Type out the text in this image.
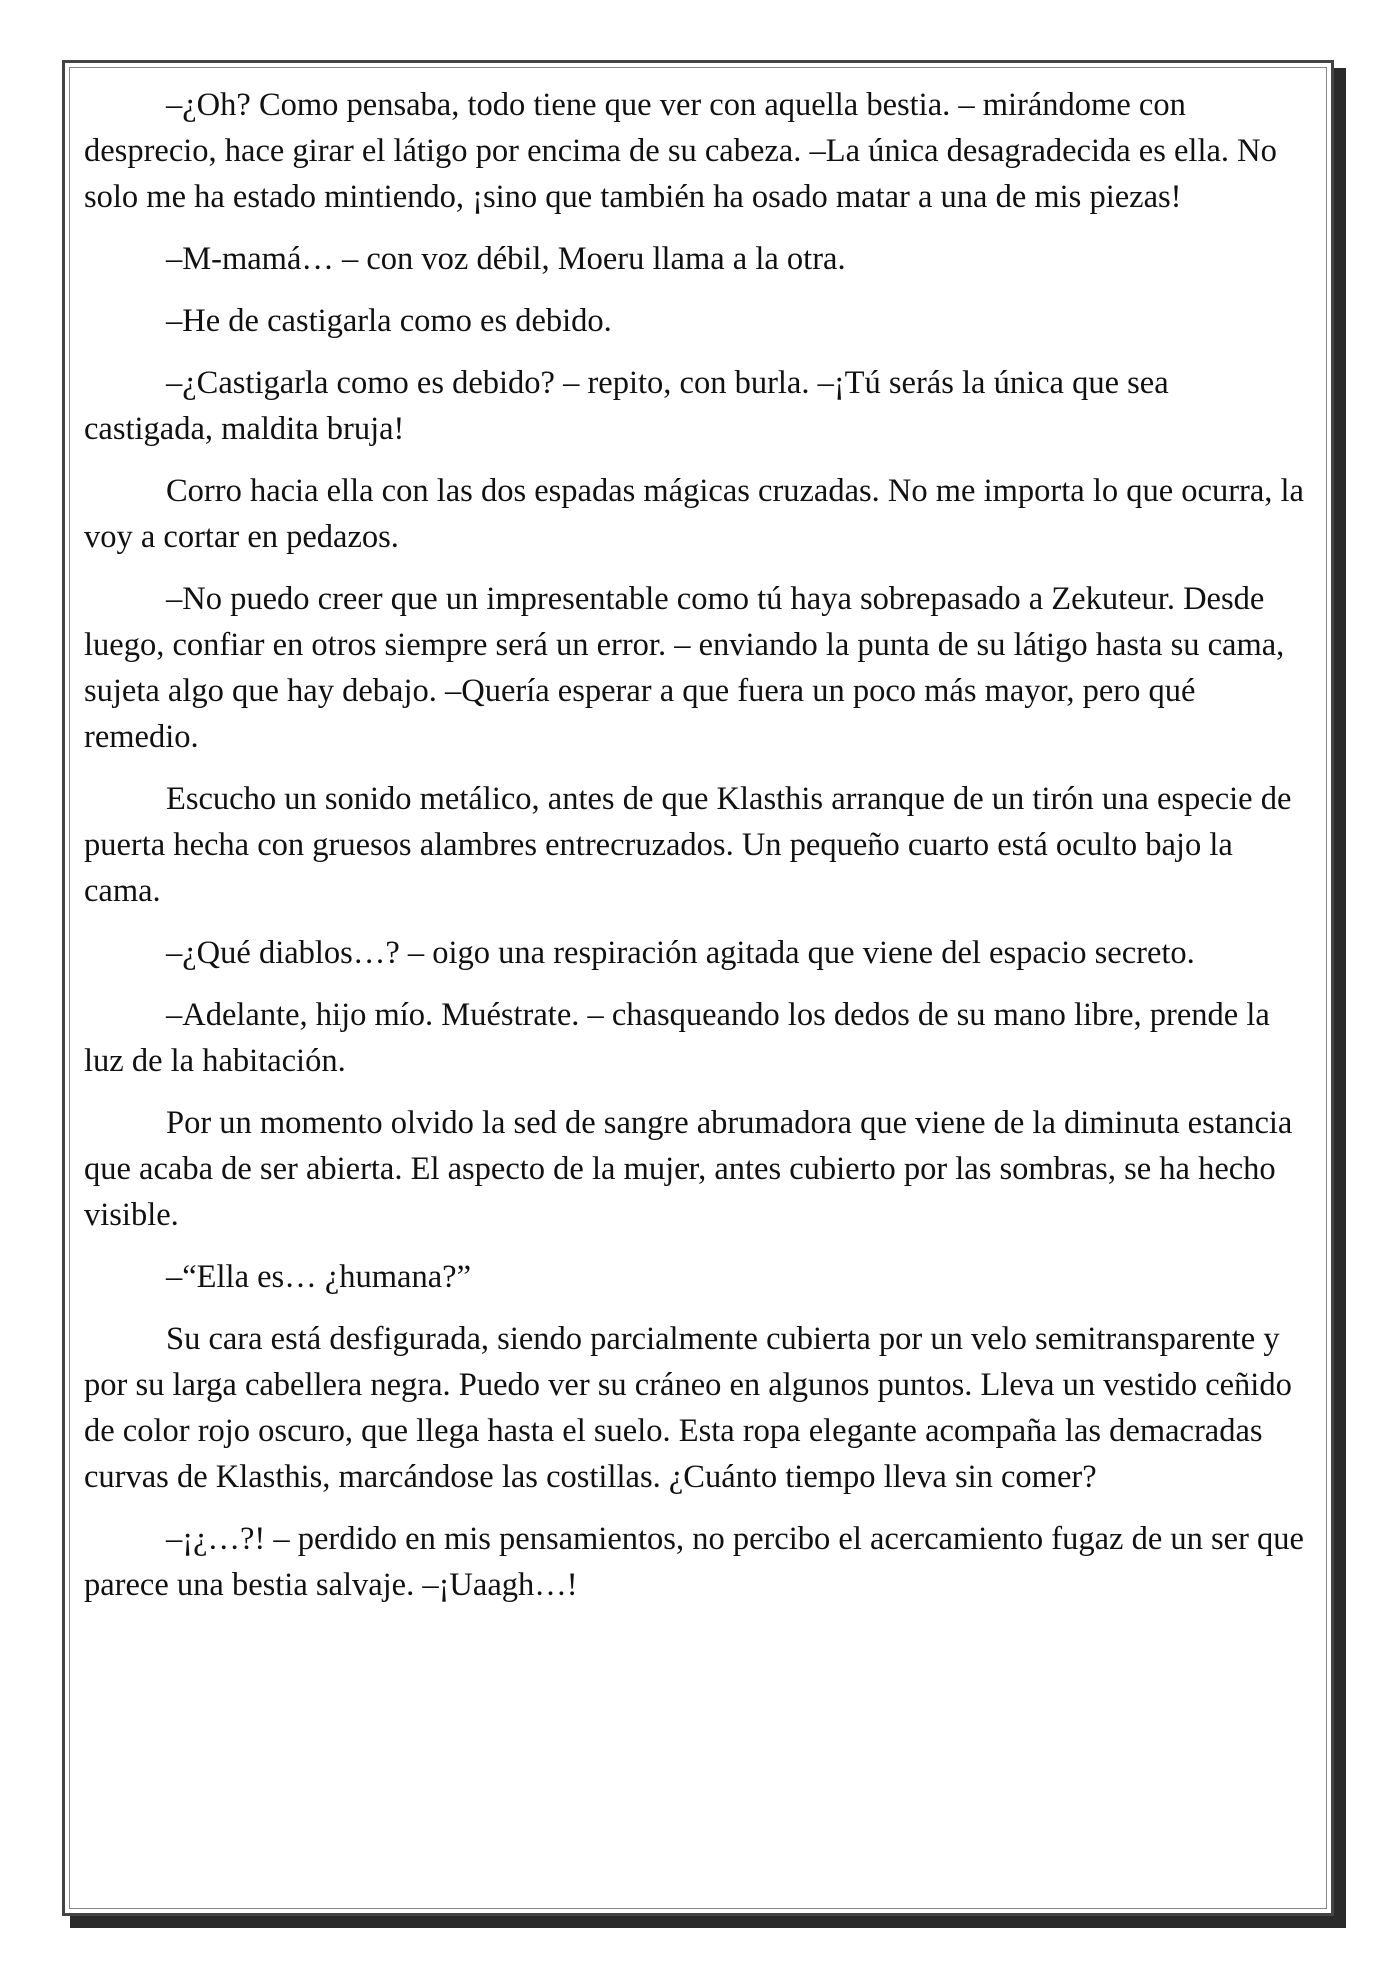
–¿Oh? Como pensaba, todo tiene que ver con aquella bestia. – mirándome con desprecio, hace girar el látigo por encima de su cabeza. –La única desagradecida es ella. No solo me ha estado mintiendo, ¡sino que también ha osado matar a una de mis piezas!

–M-mamá… – con voz débil, Moeru llama a la otra.

–He de castigarla como es debido.

–¿Castigarla como es debido? – repito, con burla. –¡Tú serás la única que sea castigada, maldita bruja!

Corro hacia ella con las dos espadas mágicas cruzadas. No me importa lo que ocurra, la voy a cortar en pedazos.

–No puedo creer que un impresentable como tú haya sobrepasado a Zekuteur. Desde luego, confiar en otros siempre será un error. – enviando la punta de su látigo hasta su cama, sujeta algo que hay debajo. –Quería esperar a que fuera un poco más mayor, pero qué remedio.

Escucho un sonido metálico, antes de que Klasthis arranque de un tirón una especie de puerta hecha con gruesos alambres entrecruzados. Un pequeño cuarto está oculto bajo la cama.

–¿Qué diablos…? – oigo una respiración agitada que viene del espacio secreto.

–Adelante, hijo mío. Muéstrate. – chasqueando los dedos de su mano libre, prende la luz de la habitación.

Por un momento olvido la sed de sangre abrumadora que viene de la diminuta estancia que acaba de ser abierta. El aspecto de la mujer, antes cubierto por las sombras, se ha hecho visible.

–“Ella es… ¿humana?”

Su cara está desfigurada, siendo parcialmente cubierta por un velo semitransparente y por su larga cabellera negra. Puedo ver su cráneo en algunos puntos. Lleva un vestido ceñido de color rojo oscuro, que llega hasta el suelo. Esta ropa elegante acompaña las demacradas curvas de Klasthis, marcándose las costillas. ¿Cuánto tiempo lleva sin comer?

–¡¿…?! – perdido en mis pensamientos, no percibo el acercamiento fugaz de un ser que parece una bestia salvaje. –¡Uaagh…!
